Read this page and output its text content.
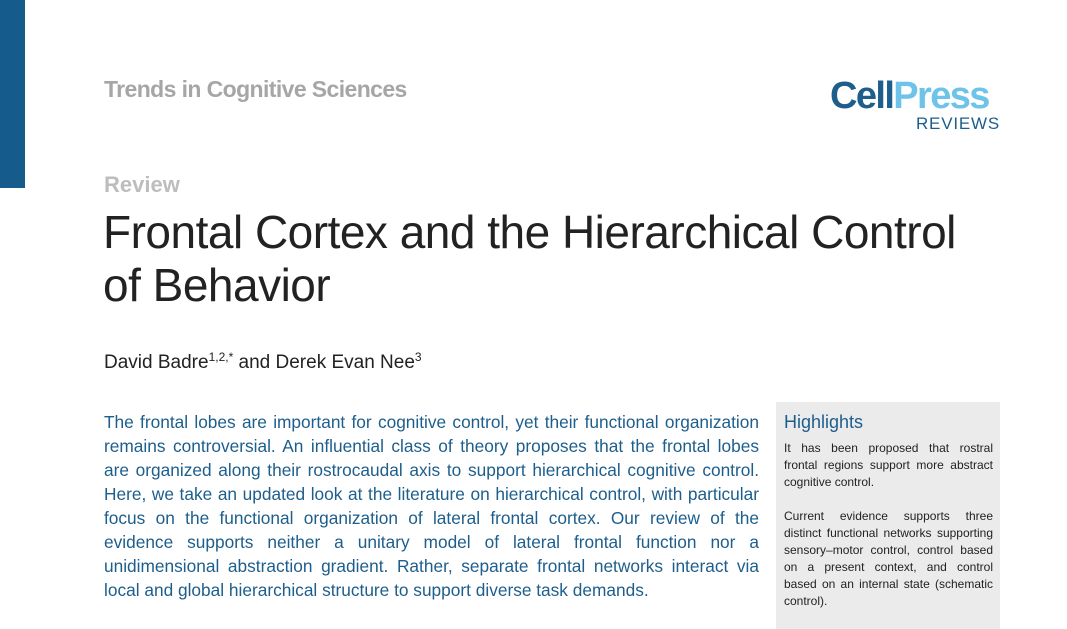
Trends in Cognitive Sciences	CellPress
REVIEWS
Review
Frontal Cortex and the Hierarchical Control of Behavior
David Badre$^{1,2,*}$ and Derek Evan Nee$^3$

The frontal lobes are important for cognitive control, yet their functional organization remains controversial. An influential class of theory proposes that the frontal lobes are organized along their rostrocaudal axis to support hierarchical cognitive control. Here, we take an updated look at the literature on hierarchical control, with particular focus on the functional organization of lateral frontal cortex. Our review of the evidence supports neither a unitary model of lateral frontal function nor a unidimensional abstraction gradient. Rather, separate frontal networks interact via local and global hierarchical structure to support diverse task demands.

Highlights

It has been proposed that rostral frontal regions support more abstract cognitive control.

Current evidence supports three distinct functional networks supporting sensory–motor control, control based on a present context, and control based on an internal state (schematic control).
